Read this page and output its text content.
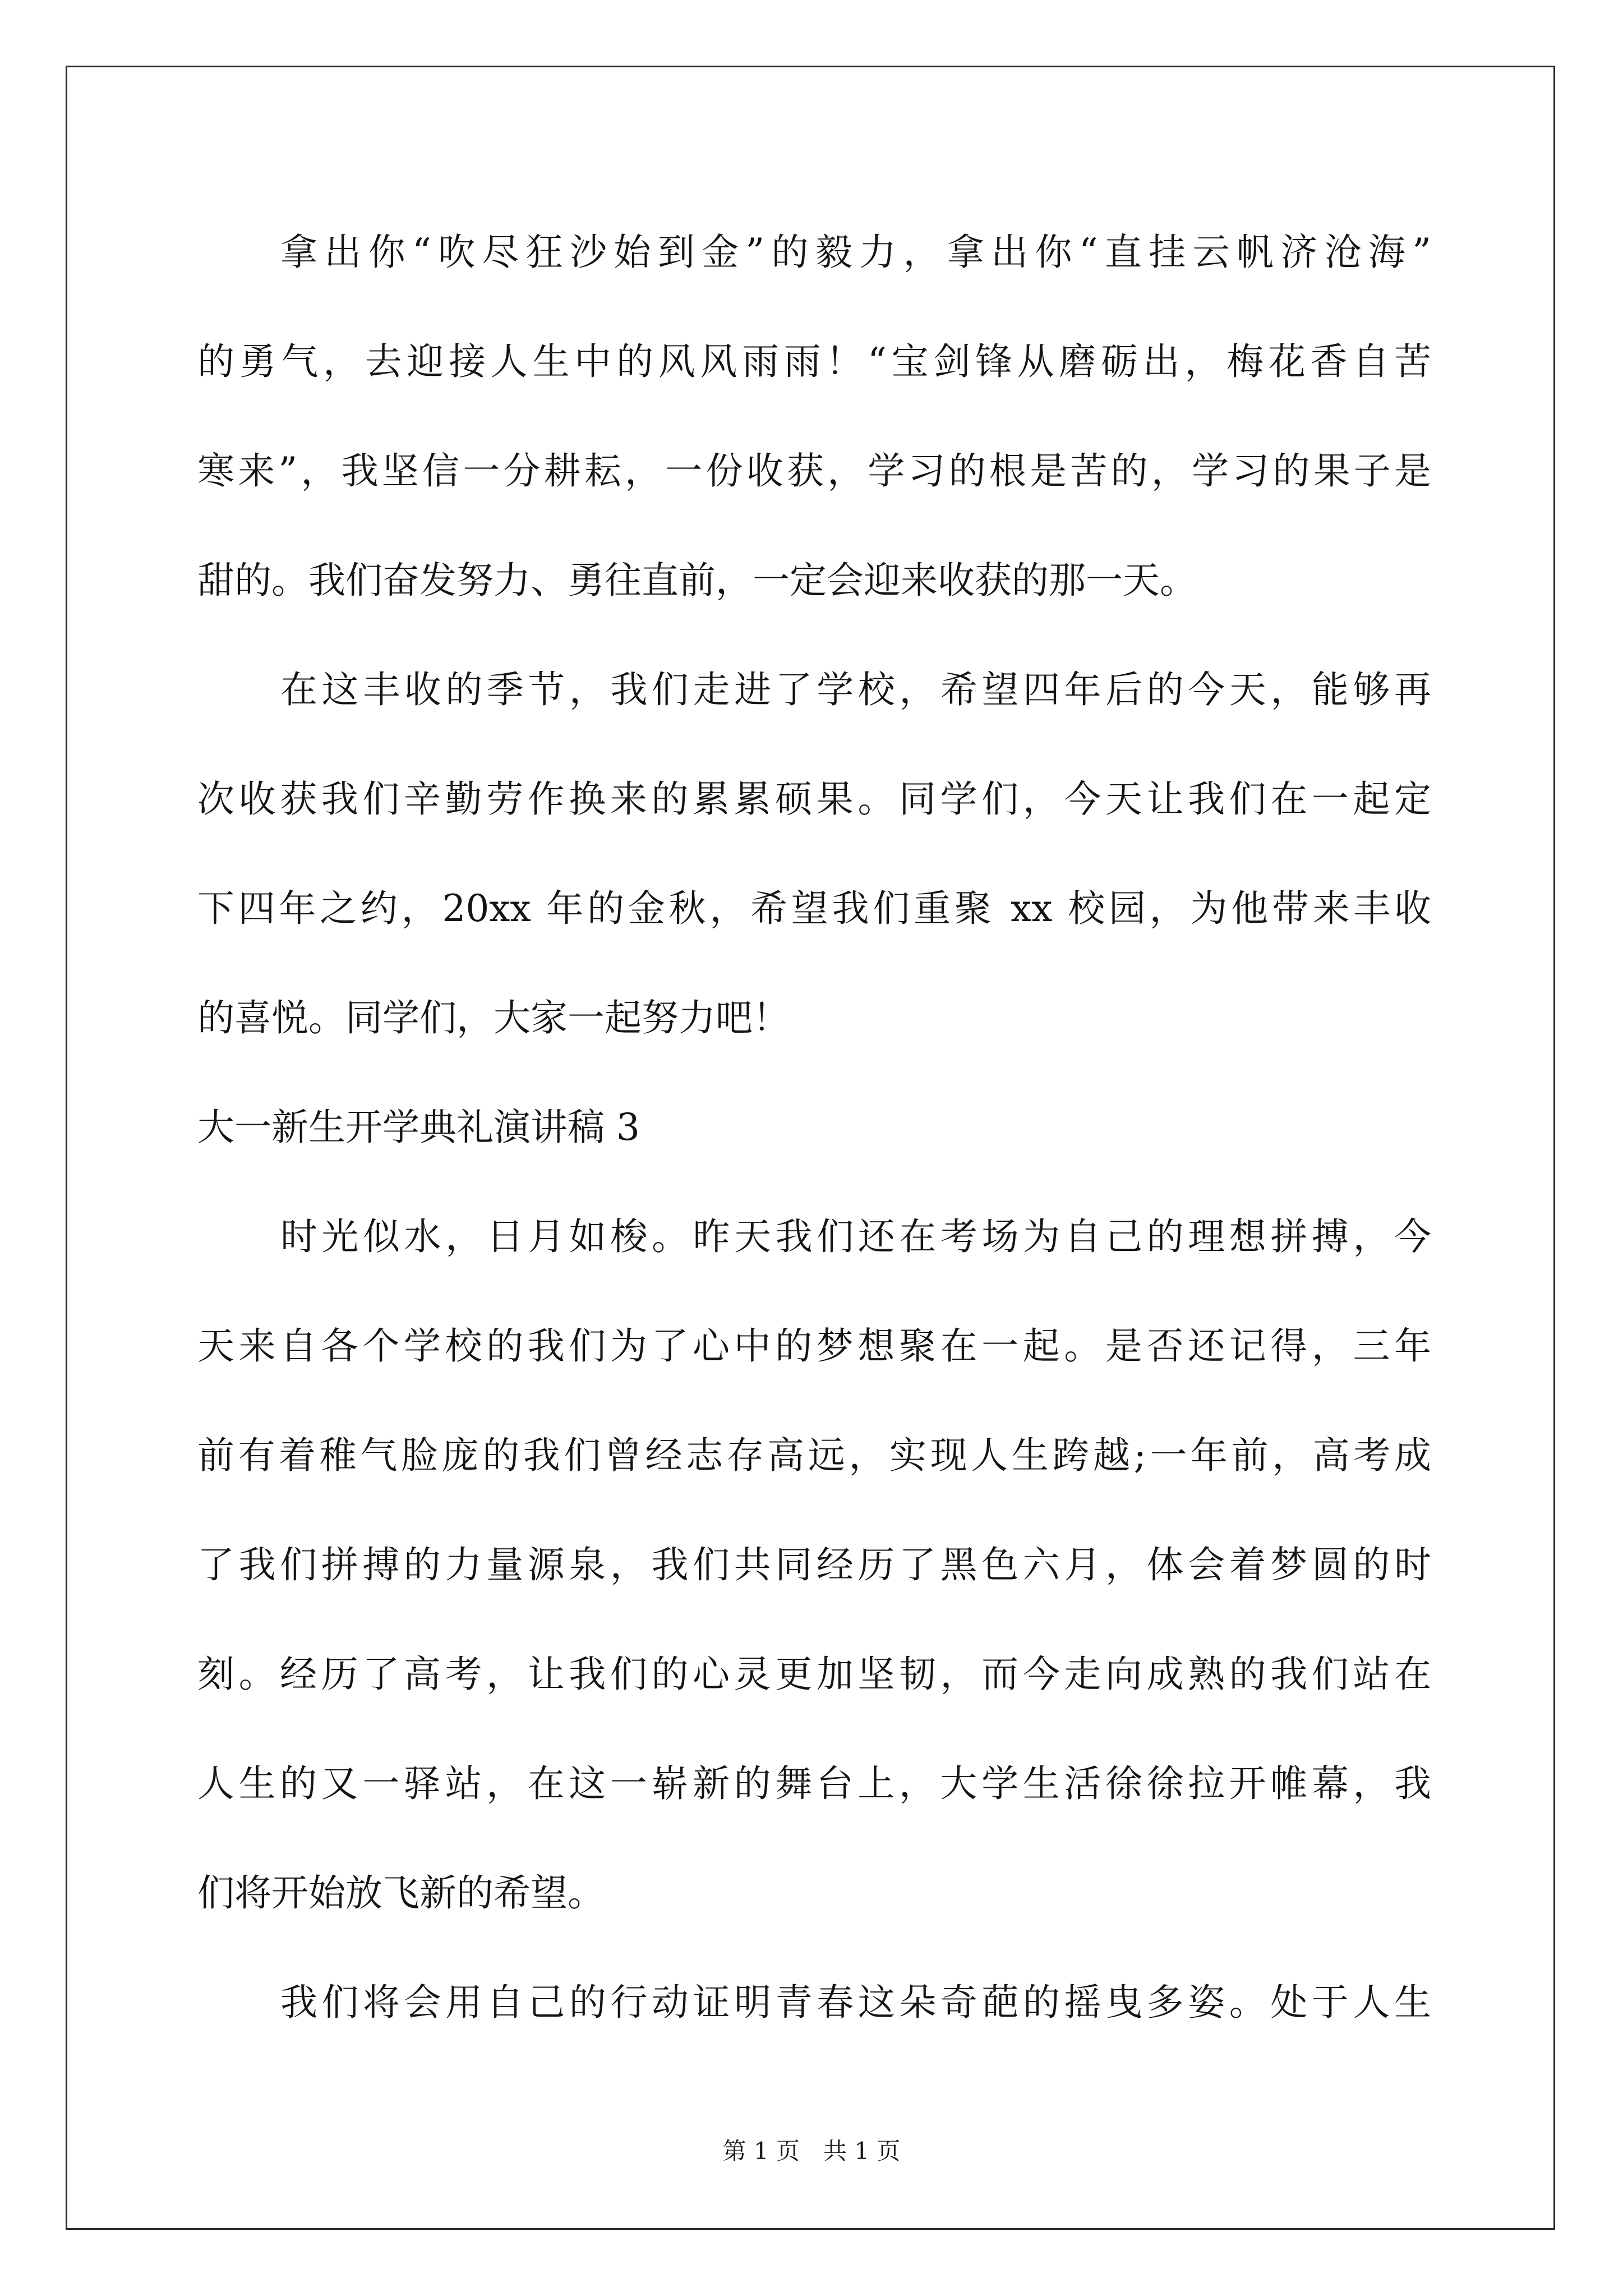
拿出你“吹尽狂沙始到金”的毅力，拿出你“直挂云帆济沧海”
的勇气，去迎接人生中的风风雨雨！“宝剑锋从磨砺出，梅花香自苦
寒来”，我坚信一分耕耘，一份收获，学习的根是苦的，学习的果子是
甜的。我们奋发努力、勇往直前，一定会迎来收获的那一天。
在这丰收的季节，我们走进了学校，希望四年后的今天，能够再
次收获我们辛勤劳作换来的累累硕果。同学们，今天让我们在一起定
下四年之约，20xx 年的金秋，希望我们重聚 xx 校园，为他带来丰收
的喜悦。同学们，大家一起努力吧！
大一新生开学典礼演讲稿 3
时光似水，日月如梭。昨天我们还在考场为自己的理想拼搏，今
天来自各个学校的我们为了心中的梦想聚在一起。是否还记得，三年
前有着稚气脸庞的我们曾经志存高远，实现人生跨越;一年前，高考成
了我们拼搏的力量源泉，我们共同经历了黑色六月，体会着梦圆的时
刻。经历了高考，让我们的心灵更加坚韧，而今走向成熟的我们站在
人生的又一驿站，在这一崭新的舞台上，大学生活徐徐拉开帷幕，我
们将开始放飞新的希望。
我们将会用自己的行动证明青春这朵奇葩的摇曳多姿。处于人生
第 1 页　共 1 页
